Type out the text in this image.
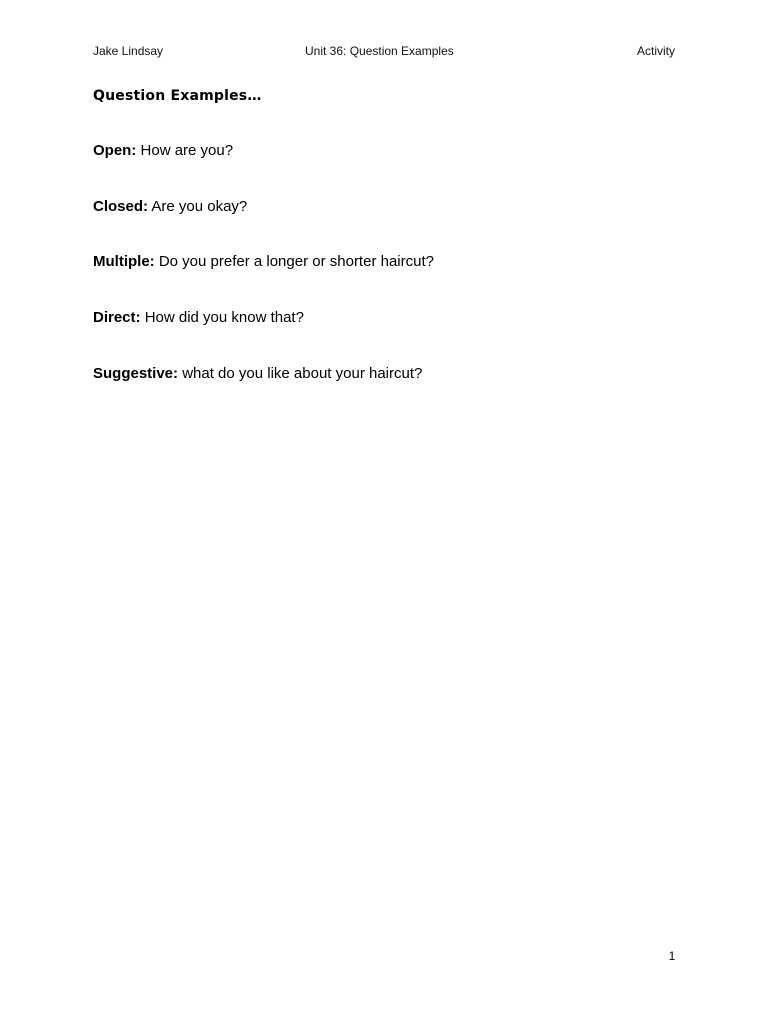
Jake Lindsay	Unit 36: Question Examples	Activity
Question Examples…
Open: How are you?
Closed: Are you okay?
Multiple: Do you prefer a longer or shorter haircut?
Direct: How did you know that?
Suggestive: what do you like about your haircut?
1
